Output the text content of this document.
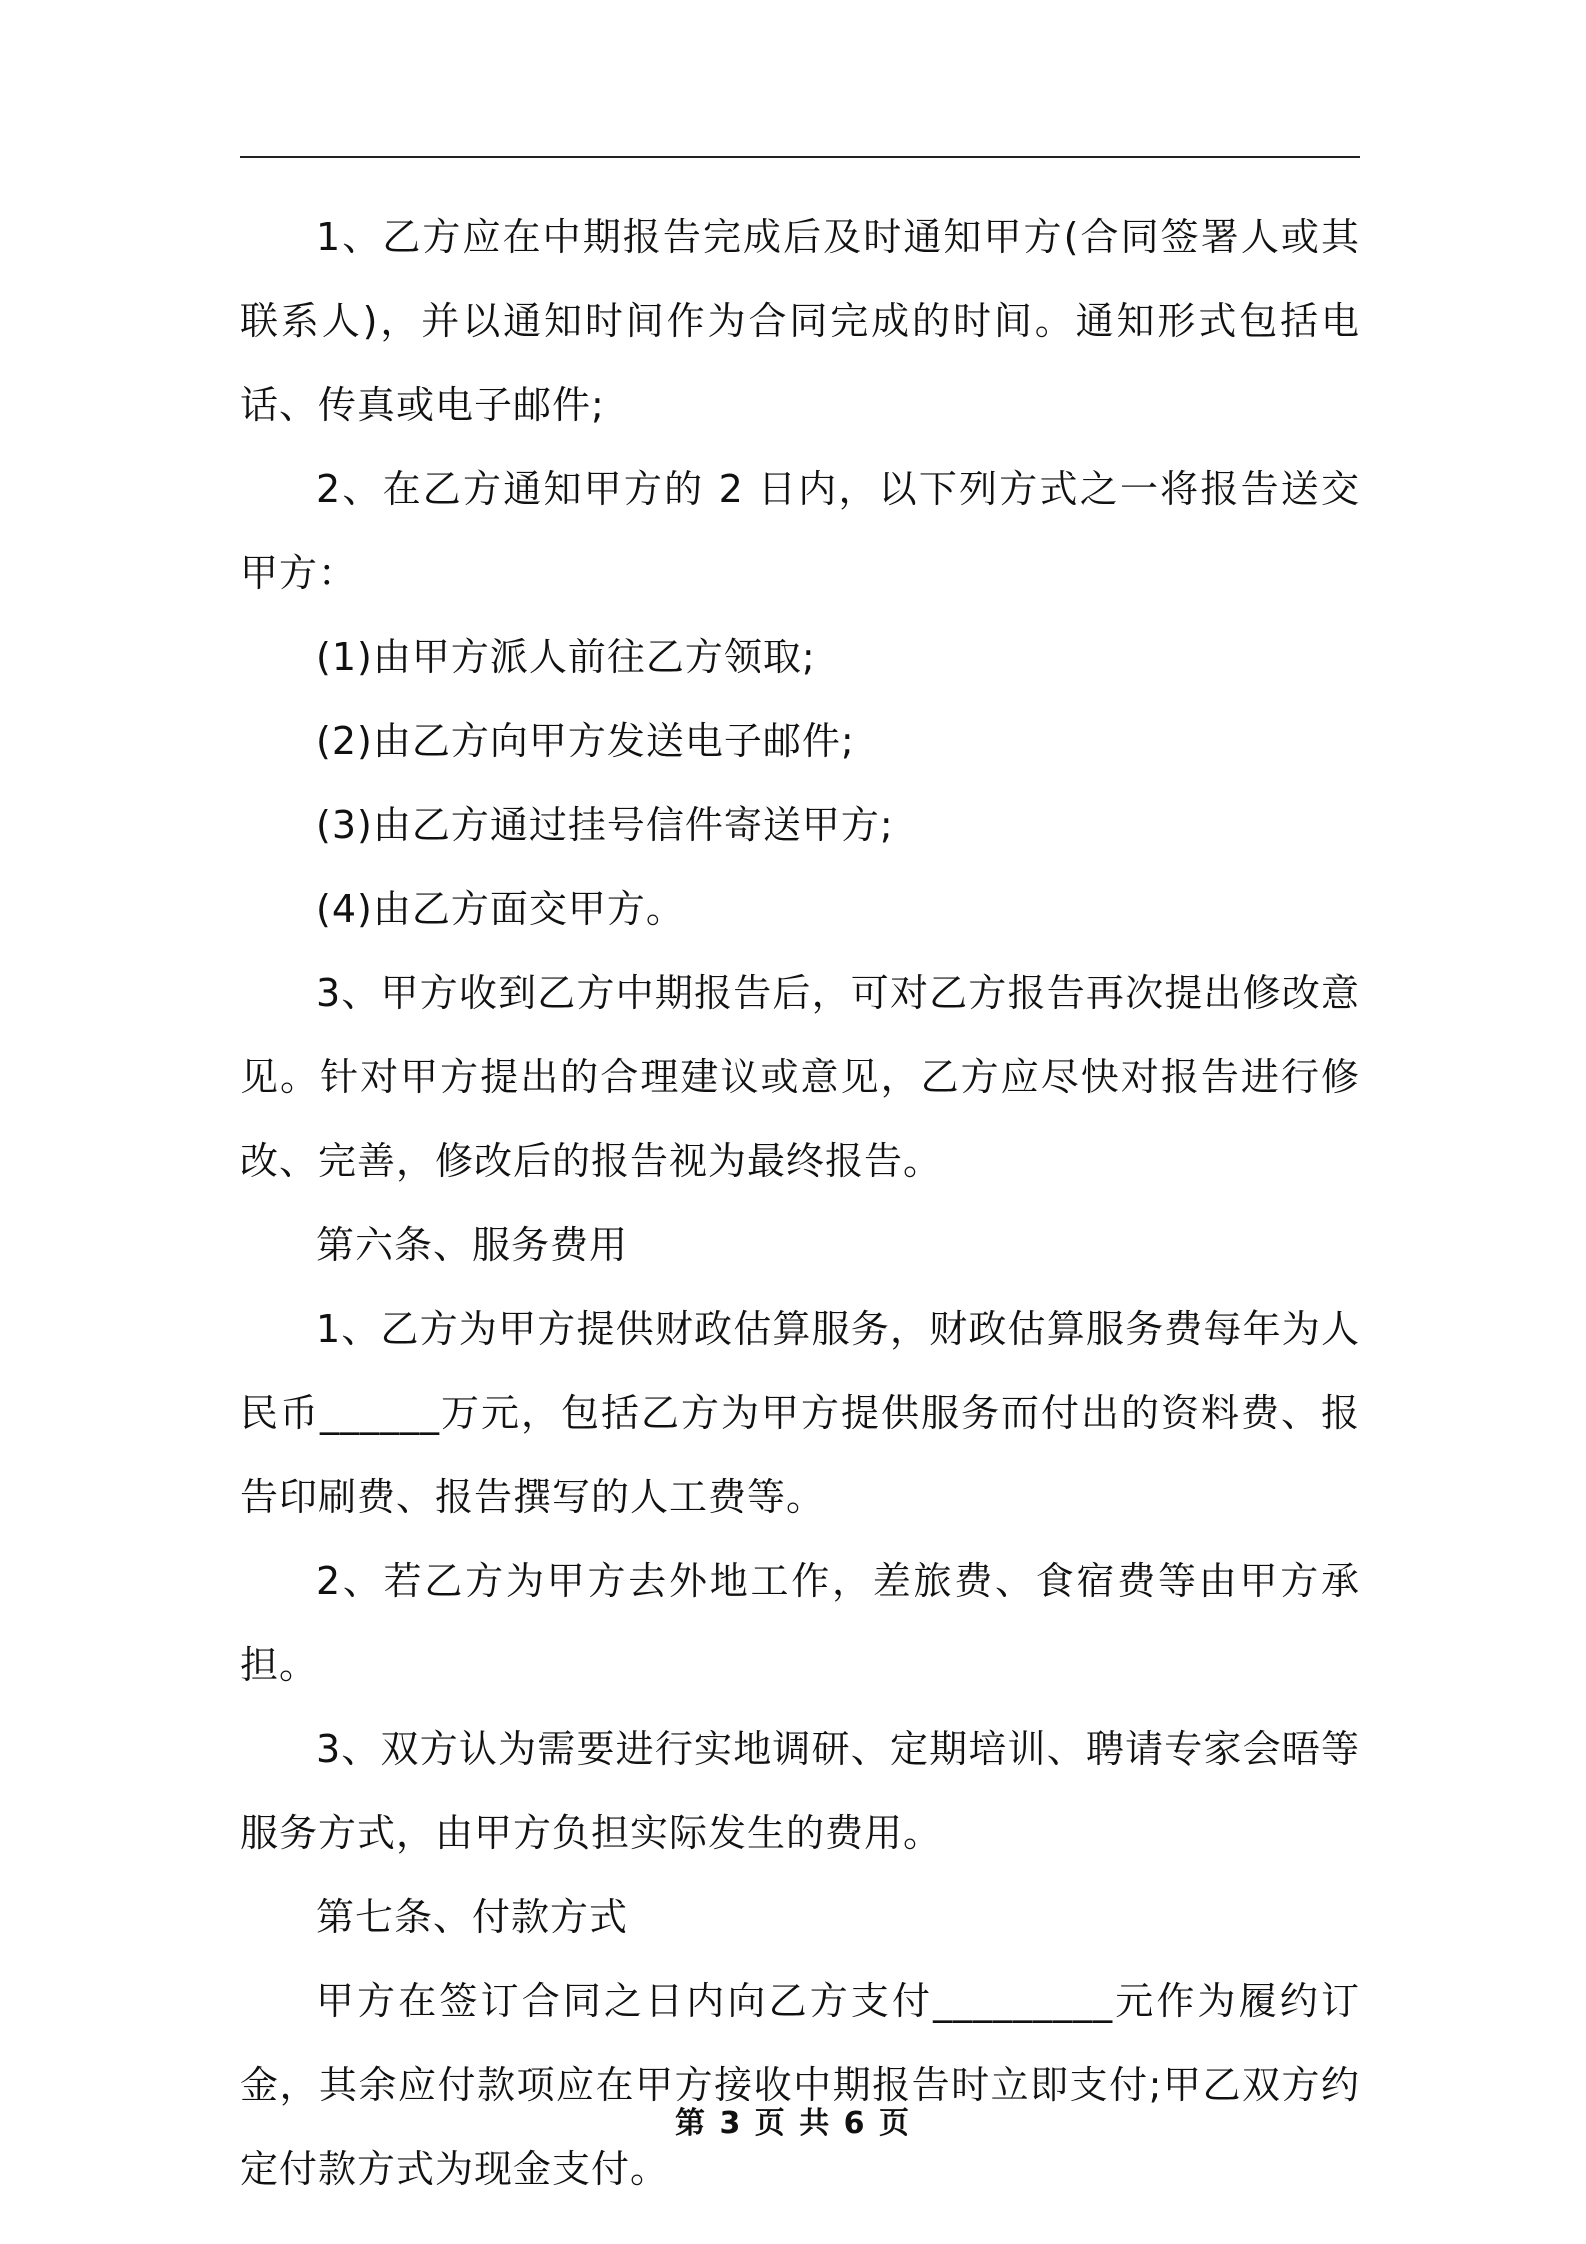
1、乙方应在中期报告完成后及时通知甲方(合同签署人或其联系人)，并以通知时间作为合同完成的时间。通知形式包括电话、传真或电子邮件;

2、在乙方通知甲方的 2 日内，以下列方式之一将报告送交甲方：

(1)由甲方派人前往乙方领取;

(2)由乙方向甲方发送电子邮件;

(3)由乙方通过挂号信件寄送甲方;

(4)由乙方面交甲方。

3、甲方收到乙方中期报告后，可对乙方报告再次提出修改意见。针对甲方提出的合理建议或意见，乙方应尽快对报告进行修改、完善，修改后的报告视为最终报告。

第六条、服务费用

1、乙方为甲方提供财政估算服务，财政估算服务费每年为人民币______万元，包括乙方为甲方提供服务而付出的资料费、报告印刷费、报告撰写的人工费等。

2、若乙方为甲方去外地工作，差旅费、食宿费等由甲方承担。

3、双方认为需要进行实地调研、定期培训、聘请专家会晤等服务方式，由甲方负担实际发生的费用。

第七条、付款方式

甲方在签订合同之日内向乙方支付_________元作为履约订金，其余应付款项应在甲方接收中期报告时立即支付;甲乙双方约定付款方式为现金支付。

第 3 页 共 6 页
